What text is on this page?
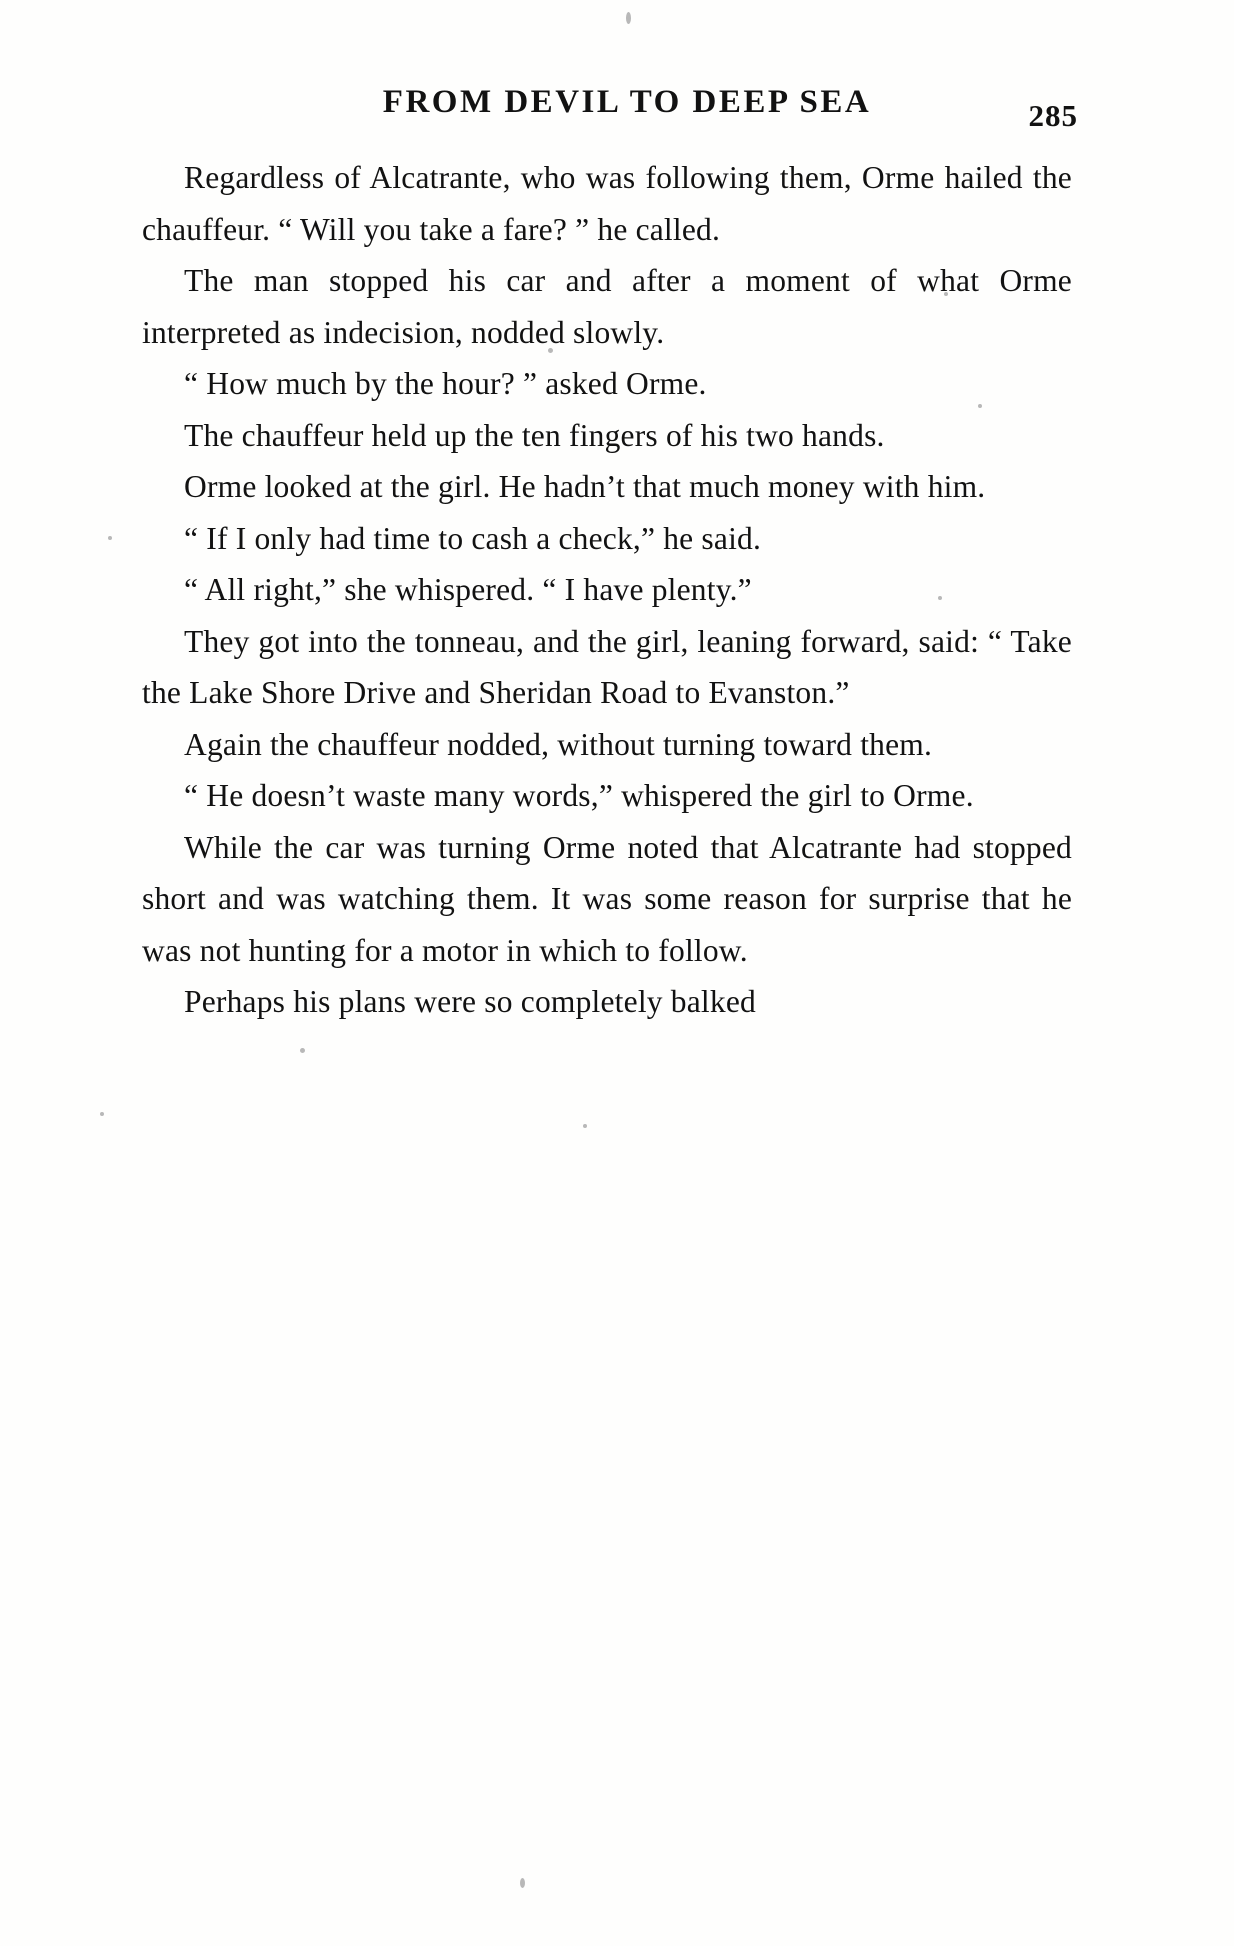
FROM DEVIL TO DEEP SEA	285

Regardless of Alcatrante, who was following them, Orme hailed the chauffeur. “ Will you take a fare? ” he called.

The man stopped his car and after a moment of what Orme interpreted as indecision, nodded slowly.

“ How much by the hour? ” asked Orme.

The chauffeur held up the ten fingers of his two hands.

Orme looked at the girl. He hadn’t that much money with him.

“ If I only had time to cash a check,” he said.

“ All right,” she whispered. “ I have plenty.”

They got into the tonneau, and the girl, leaning forward, said: “ Take the Lake Shore Drive and Sheridan Road to Evanston.”

Again the chauffeur nodded, without turning toward them.

“ He doesn’t waste many words,” whispered the girl to Orme.

While the car was turning Orme noted that Alcatrante had stopped short and was watching them. It was some reason for surprise that he was not hunting for a motor in which to follow.

Perhaps his plans were so completely balked
